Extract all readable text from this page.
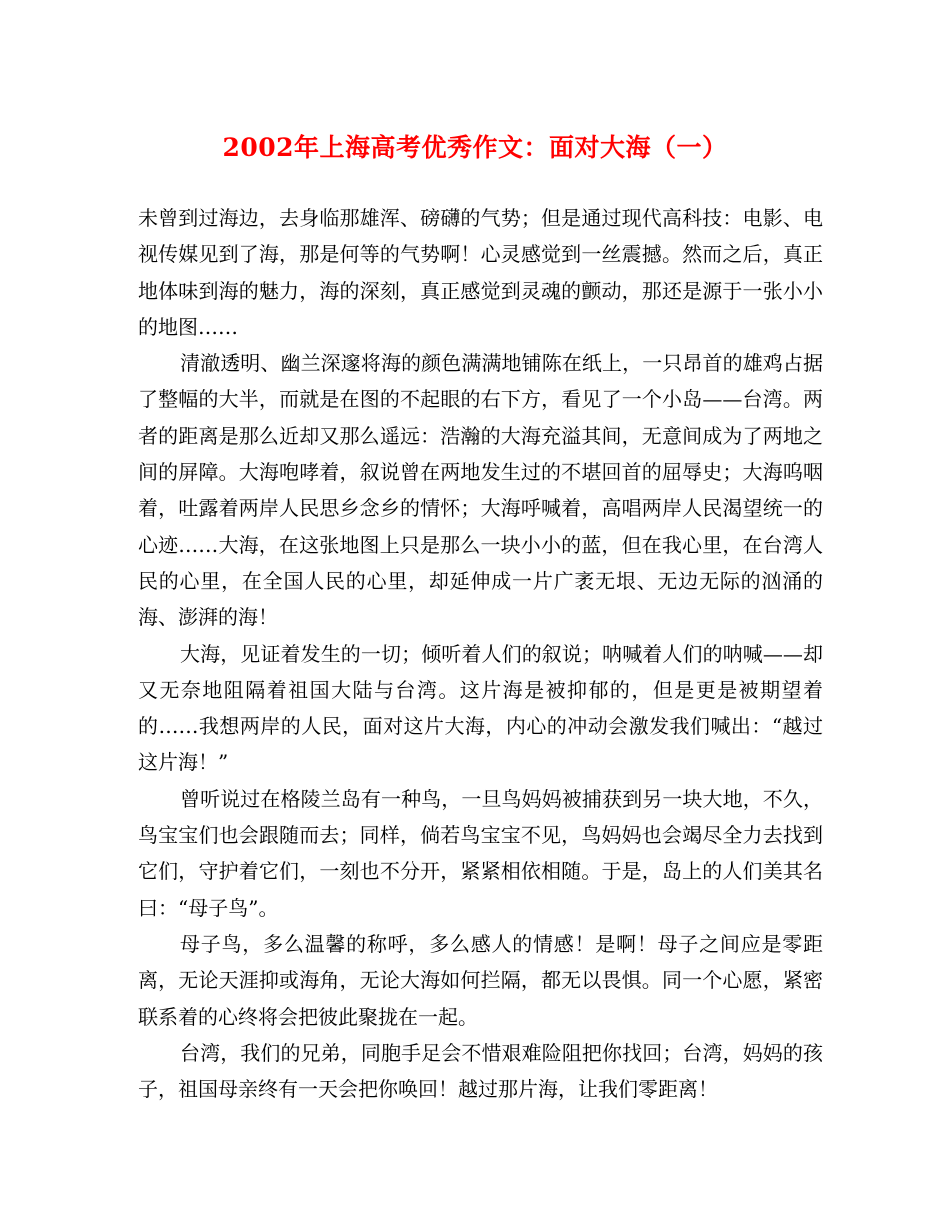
2002年上海高考优秀作文：面对大海（一）

未曾到过海边，去身临那雄浑、磅礴的气势；但是通过现代高科技：电影、电视传媒见到了海，那是何等的气势啊！心灵感觉到一丝震撼。然而之后，真正地体味到海的魅力，海的深刻，真正感觉到灵魂的颤动，那还是源于一张小小的地图……

清澈透明、幽兰深邃将海的颜色满满地铺陈在纸上，一只昂首的雄鸡占据了整幅的大半，而就是在图的不起眼的右下方，看见了一个小岛——台湾。两者的距离是那么近却又那么遥远：浩瀚的大海充溢其间，无意间成为了两地之间的屏障。大海咆哮着，叙说曾在两地发生过的不堪回首的屈辱史；大海呜咽着，吐露着两岸人民思乡念乡的情怀；大海呼喊着，高唱两岸人民渴望统一的心迹……大海，在这张地图上只是那么一块小小的蓝，但在我心里，在台湾人民的心里，在全国人民的心里，却延伸成一片广袤无垠、无边无际的汹涌的海、澎湃的海！

大海，见证着发生的一切；倾听着人们的叙说；呐喊着人们的呐喊——却又无奈地阻隔着祖国大陆与台湾。这片海是被抑郁的，但是更是被期望着的……我想两岸的人民，面对这片大海，内心的冲动会激发我们喊出：“越过这片海！”

曾听说过在格陵兰岛有一种鸟，一旦鸟妈妈被捕获到另一块大地，不久，鸟宝宝们也会跟随而去；同样，倘若鸟宝宝不见，鸟妈妈也会竭尽全力去找到它们，守护着它们，一刻也不分开，紧紧相依相随。于是，岛上的人们美其名曰：“母子鸟”。

母子鸟，多么温馨的称呼，多么感人的情感！是啊！母子之间应是零距离，无论天涯抑或海角，无论大海如何拦隔，都无以畏惧。同一个心愿，紧密联系着的心终将会把彼此聚拢在一起。

台湾，我们的兄弟，同胞手足会不惜艰难险阻把你找回；台湾，妈妈的孩子，祖国母亲终有一天会把你唤回！越过那片海，让我们零距离！
